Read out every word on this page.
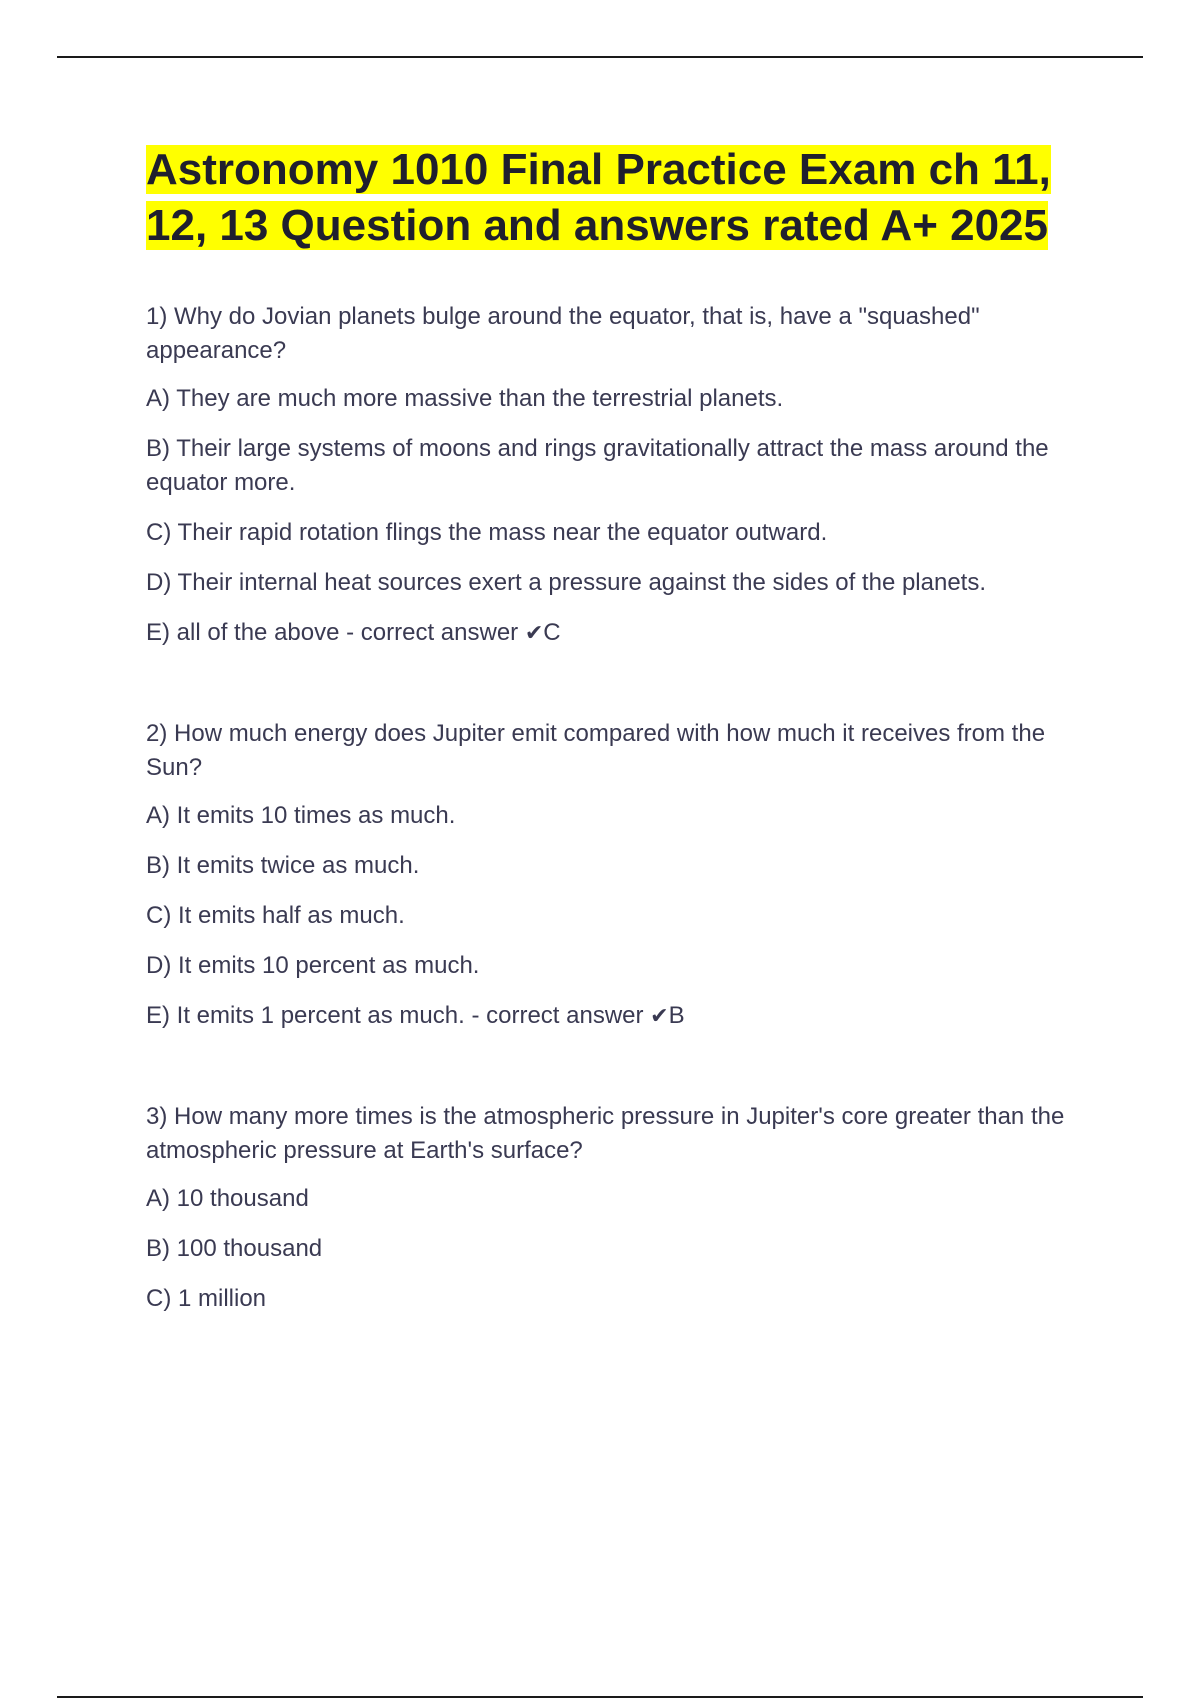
Astronomy 1010 Final Practice Exam ch 11, 12, 13 Question and answers rated A+ 2025

1) Why do Jovian planets bulge around the equator, that is, have a "squashed" appearance?

A) They are much more massive than the terrestrial planets.

B) Their large systems of moons and rings gravitationally attract the mass around the equator more.

C) Their rapid rotation flings the mass near the equator outward.

D) Their internal heat sources exert a pressure against the sides of the planets.

E) all of the above - correct answer ✔C

2) How much energy does Jupiter emit compared with how much it receives from the Sun?

A) It emits 10 times as much.

B) It emits twice as much.

C) It emits half as much.

D) It emits 10 percent as much.

E) It emits 1 percent as much. - correct answer ✔B

3) How many more times is the atmospheric pressure in Jupiter's core greater than the atmospheric pressure at Earth's surface?

A) 10 thousand

B) 100 thousand

C) 1 million
